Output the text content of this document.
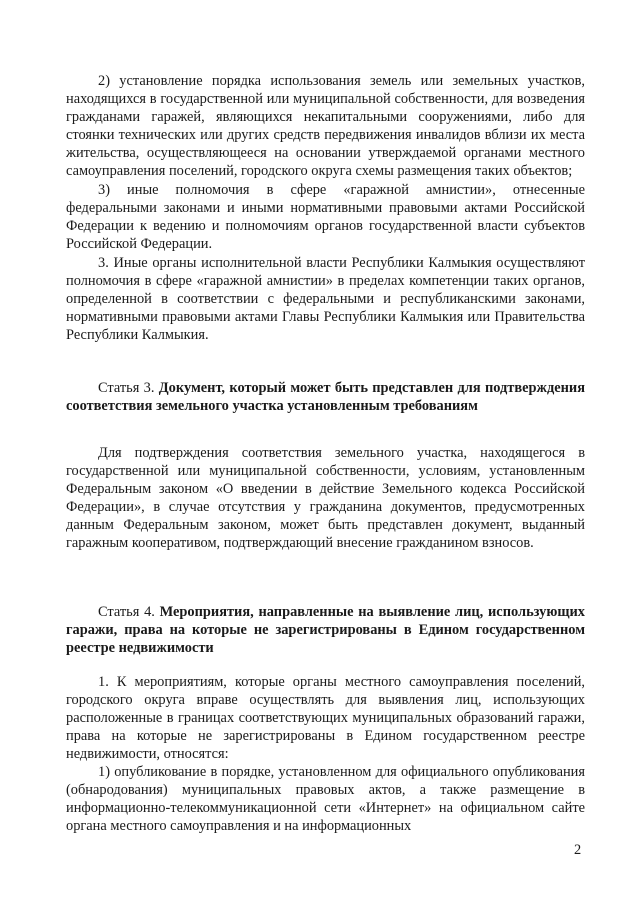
2) установление порядка использования земель или земельных участков, находящихся в государственной или муниципальной собственности, для возведения гражданами гаражей, являющихся некапитальными сооружениями, либо для стоянки технических или других средств передвижения инвалидов вблизи их места жительства, осуществляющееся на основании утверждаемой органами местного самоуправления поселений, городского округа схемы размещения таких объектов;

3) иные полномочия в сфере «гаражной амнистии», отнесенные федеральными законами и иными нормативными правовыми актами Российской Федерации к ведению и полномочиям органов государственной власти субъектов Российской Федерации.

3. Иные органы исполнительной власти Республики Калмыкия осуществляют полномочия в сфере «гаражной амнистии» в пределах компетенции таких органов, определенной в соответствии с федеральными и республиканскими законами, нормативными правовыми актами Главы Республики Калмыкия или Правительства Республики Калмыкия.

Статья 3. Документ, который может быть представлен для подтверждения соответствия земельного участка установленным требованиям

Для подтверждения соответствия земельного участка, находящегося в государственной или муниципальной собственности, условиям, установленным Федеральным законом «О введении в действие Земельного кодекса Российской Федерации», в случае отсутствия у гражданина документов, предусмотренных данным Федеральным законом, может быть представлен документ, выданный гаражным кооперативом, подтверждающий внесение гражданином взносов.

Статья 4. Мероприятия, направленные на выявление лиц, использующих гаражи, права на которые не зарегистрированы в Едином государственном реестре недвижимости

1. К мероприятиям, которые органы местного самоуправления поселений, городского округа вправе осуществлять для выявления лиц, использующих расположенные в границах соответствующих муниципальных образований гаражи, права на которые не зарегистрированы в Едином государственном реестре недвижимости, относятся:

1) опубликование в порядке, установленном для официального опубликования (обнародования) муниципальных правовых актов, а также размещение в информационно-телекоммуникационной сети «Интернет» на официальном сайте органа местного самоуправления и на информационных

2
